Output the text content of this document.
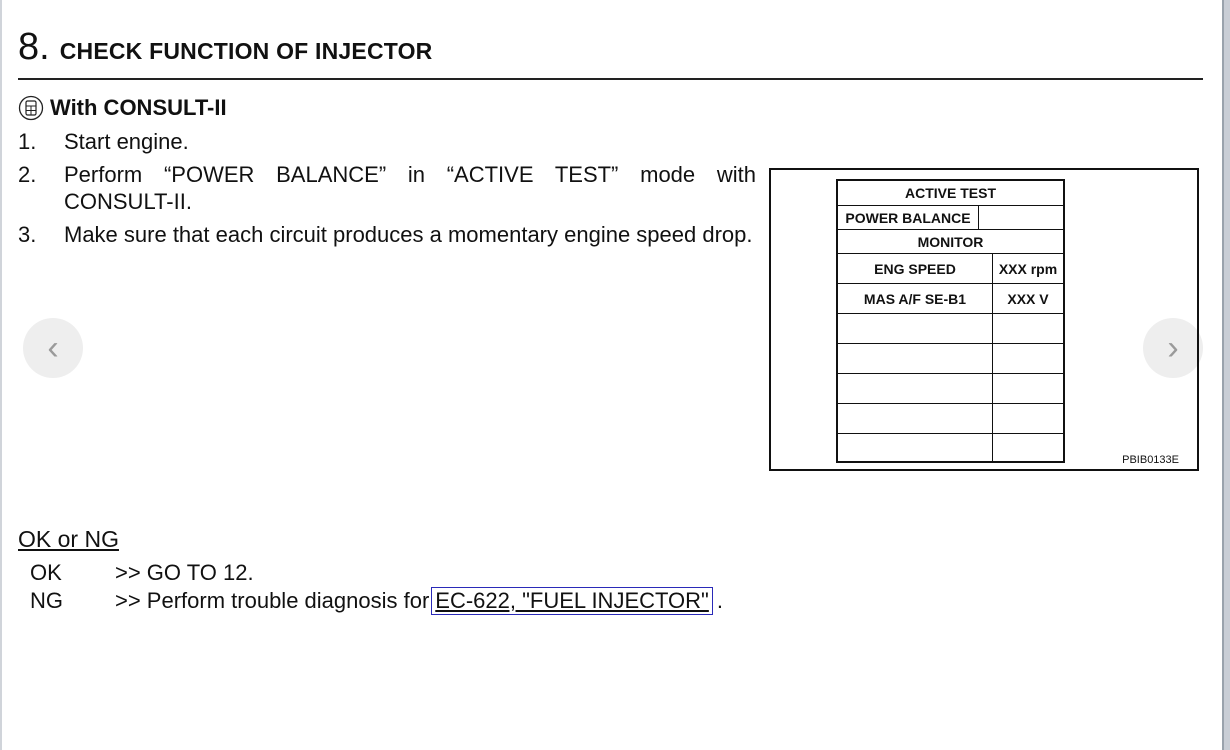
8. CHECK FUNCTION OF INJECTOR
With CONSULT-II
1.	Start engine.
2.	Perform “POWER BALANCE” in “ACTIVE TEST” mode with CONSULT-II.
3.	Make sure that each circuit produces a momentary engine speed drop.
‹	›
ACTIVE TEST
POWER BALANCE
MONITOR
ENG SPEED	XXX rpm
MAS A/F SE-B1	XXX V
PBIB0133E
OK or NG
OK	>> GO TO 12.
NG	>> Perform trouble diagnosis for EC-622, "FUEL INJECTOR" .
